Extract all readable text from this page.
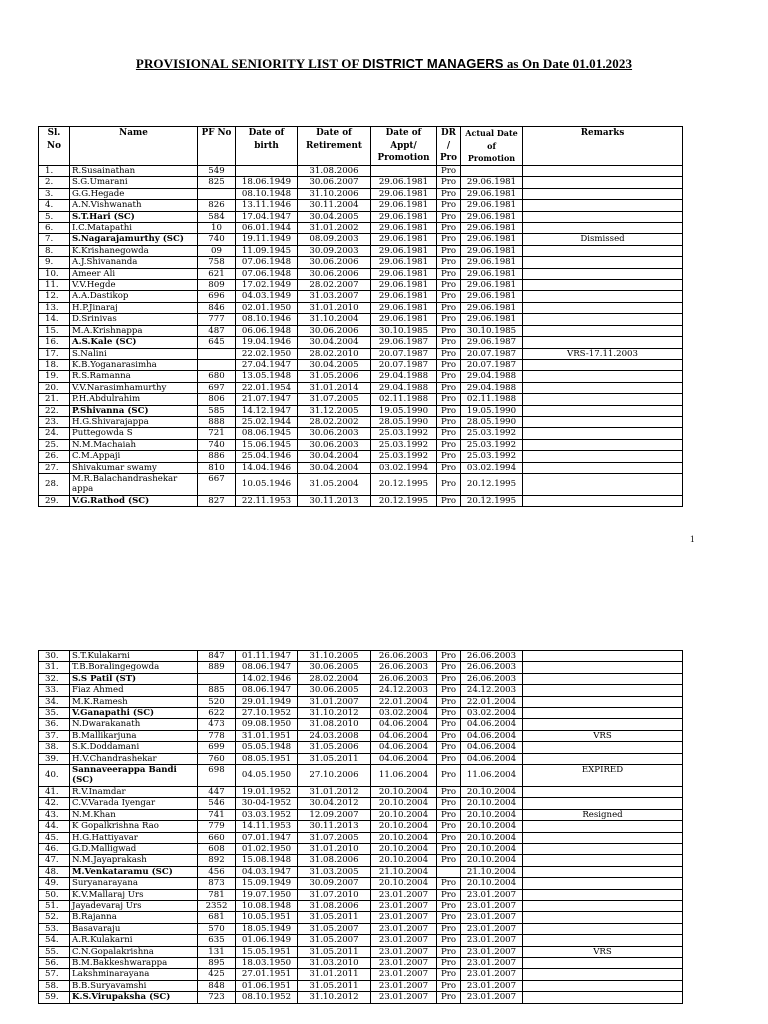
PROVISIONAL SENIORITY LIST OF DISTRICT MANAGERS as On Date 01.01.2023
Sl. No	Name	PF No	Date of birth	Date of Retirement	Date of Appt/ Promotion	DR / Pro	Actual Date of Promotion	Remarks
1.	R.Susainathan	549		31.08.2006		Pro		
2.	S.G.Umarani	825	18.06.1949	30.06.2007	29.06.1981	Pro	29.06.1981	
3.	G.G.Hegade		08.10.1948	31.10.2006	29.06.1981	Pro	29.06.1981	
4.	A.N.Vishwanath	826	13.11.1946	30.11.2004	29.06.1981	Pro	29.06.1981	
5.	S.T.Hari (SC)	584	17.04.1947	30.04.2005	29.06.1981	Pro	29.06.1981	
6.	I.C.Matapathi	10	06.01.1944	31.01.2002	29.06.1981	Pro	29.06.1981	
7.	S.Nagarajamurthy (SC)	740	19.11.1949	08.09.2003	29.06.1981	Pro	29.06.1981	Dismissed
8.	K.Krishanegowda	09	11.09.1945	30.09.2003	29.06.1981	Pro	29.06.1981	
9.	A.J.Shivananda	758	07.06.1948	30.06.2006	29.06.1981	Pro	29.06.1981	
10.	Ameer Ali	621	07.06.1948	30.06.2006	29.06.1981	Pro	29.06.1981	
11.	V.V.Hegde	809	17.02.1949	28.02.2007	29.06.1981	Pro	29.06.1981	
12.	A.A.Dastikop	696	04.03.1949	31.03.2007	29.06.1981	Pro	29.06.1981	
13.	H.P.Jinaraj	846	02.01.1950	31.01.2010	29.06.1981	Pro	29.06.1981	
14.	D.Srinivas	777	08.10.1946	31.10.2004	29.06.1981	Pro	29.06.1981	
15.	M.A.Krishnappa	487	06.06.1948	30.06.2006	30.10.1985	Pro	30.10.1985	
16.	A.S.Kale (SC)	645	19.04.1946	30.04.2004	29.06.1987	Pro	29.06.1987	
17.	S.Nalini		22.02.1950	28.02.2010	20.07.1987	Pro	20.07.1987	VRS-17.11.2003
18.	K.B.Yoganarasimha		27.04.1947	30.04.2005	20.07.1987	Pro	20.07.1987	
19.	R.S.Ramanna	680	13.05.1948	31.05.2006	29.04.1988	Pro	29.04.1988	
20.	V.V.Narasimhamurthy	697	22.01.1954	31.01.2014	29.04.1988	Pro	29.04.1988	
21.	P.H.Abdulrahim	806	21.07.1947	31.07.2005	02.11.1988	Pro	02.11.1988	
22.	P.Shivanna (SC)	585	14.12.1947	31.12.2005	19.05.1990	Pro	19.05.1990	
23.	H.G.Shivarajappa	888	25.02.1944	28.02.2002	28.05.1990	Pro	28.05.1990	
24.	Puttegowda S	721	08.06.1945	30.06.2003	25.03.1992	Pro	25.03.1992	
25.	N.M.Machaiah	740	15.06.1945	30.06.2003	25.03.1992	Pro	25.03.1992	
26.	C.M.Appaji	886	25.04.1946	30.04.2004	25.03.1992	Pro	25.03.1992	
27.	Shivakumar swamy	810	14.04.1946	30.04.2004	03.02.1994	Pro	03.02.1994	
28.	M.R.Balachandrashekar appa	667	10.05.1946	31.05.2004	20.12.1995	Pro	20.12.1995	
29.	V.G.Rathod (SC)	827	22.11.1953	30.11.2013	20.12.1995	Pro	20.12.1995	
1
30.	S.T.Kulakarni	847	01.11.1947	31.10.2005	26.06.2003	Pro	26.06.2003	
31.	T.B.Boralingegowda	889	08.06.1947	30.06.2005	26.06.2003	Pro	26.06.2003	
32.	S.S Patil (ST)		14.02.1946	28.02.2004	26.06.2003	Pro	26.06.2003	
33.	Fiaz Ahmed	885	08.06.1947	30.06.2005	24.12.2003	Pro	24.12.2003	
34.	M.K.Ramesh	520	29.01.1949	31.01.2007	22.01.2004	Pro	22.01.2004	
35.	V.Ganapathi (SC)	622	27.10.1952	31.10.2012	03.02.2004	Pro	03.02.2004	
36.	N.Dwarakanath	473	09.08.1950	31.08.2010	04.06.2004	Pro	04.06.2004	
37.	B.Mallikarjuna	778	31.01.1951	24.03.2008	04.06.2004	Pro	04.06.2004	VRS
38.	S.K.Doddamani	699	05.05.1948	31.05.2006	04.06.2004	Pro	04.06.2004	
39.	H.V.Chandrashekar	760	08.05.1951	31.05.2011	04.06.2004	Pro	04.06.2004	
40.	Sannaveerappa Bandi (SC)	698	04.05.1950	27.10.2006	11.06.2004	Pro	11.06.2004	EXPIRED
41.	R.V.Inamdar	447	19.01.1952	31.01.2012	20.10.2004	Pro	20.10.2004	
42.	C.V.Varada Iyengar	546	30-04-1952	30.04.2012	20.10.2004	Pro	20.10.2004	
43.	N.M.Khan	741	03.03.1952	12.09.2007	20.10.2004	Pro	20.10.2004	Resigned
44.	K Gopalkrishna Rao	779	14.11.1953	30.11.2013	20.10.2004	Pro	20.10.2004	
45.	H.G.Hattiyavar	660	07.01.1947	31.07.2005	20.10.2004	Pro	20.10.2004	
46.	G.D.Malligwad	608	01.02.1950	31.01.2010	20.10.2004	Pro	20.10.2004	
47.	N.M.Jayaprakash	892	15.08.1948	31.08.2006	20.10.2004	Pro	20.10.2004	
48.	M.Venkataramu (SC)	456	04.03.1947	31.03.2005	21.10.2004		21.10.2004	
49.	Suryanarayana	873	15.09.1949	30.09.2007	20.10.2004	Pro	20.10.2004	
50.	K.V.Mallaraj Urs	781	19.07.1950	31.07.2010	23.01.2007	Pro	23.01.2007	
51.	Jayadevaraj Urs	2352	10.08.1948	31.08.2006	23.01.2007	Pro	23.01.2007	
52.	B.Rajanna	681	10.05.1951	31.05.2011	23.01.2007	Pro	23.01.2007	
53.	Basavaraju	570	18.05.1949	31.05.2007	23.01.2007	Pro	23.01.2007	
54.	A.R.Kulakarni	635	01.06.1949	31.05.2007	23.01.2007	Pro	23.01.2007	
55.	C.N.Gopalakrishna	131	15.05.1951	31.05.2011	23.01.2007	Pro	23.01.2007	VRS
56.	B.M.Bakkeshwarappa	895	18.03.1950	31.03.2010	23.01.2007	Pro	23.01.2007	
57.	Lakshminarayana	425	27.01.1951	31.01.2011	23.01.2007	Pro	23.01.2007	
58.	B.B.Suryavamshi	848	01.06.1951	31.05.2011	23.01.2007	Pro	23.01.2007	
59.	K.S.Virupaksha (SC)	723	08.10.1952	31.10.2012	23.01.2007	Pro	23.01.2007	
